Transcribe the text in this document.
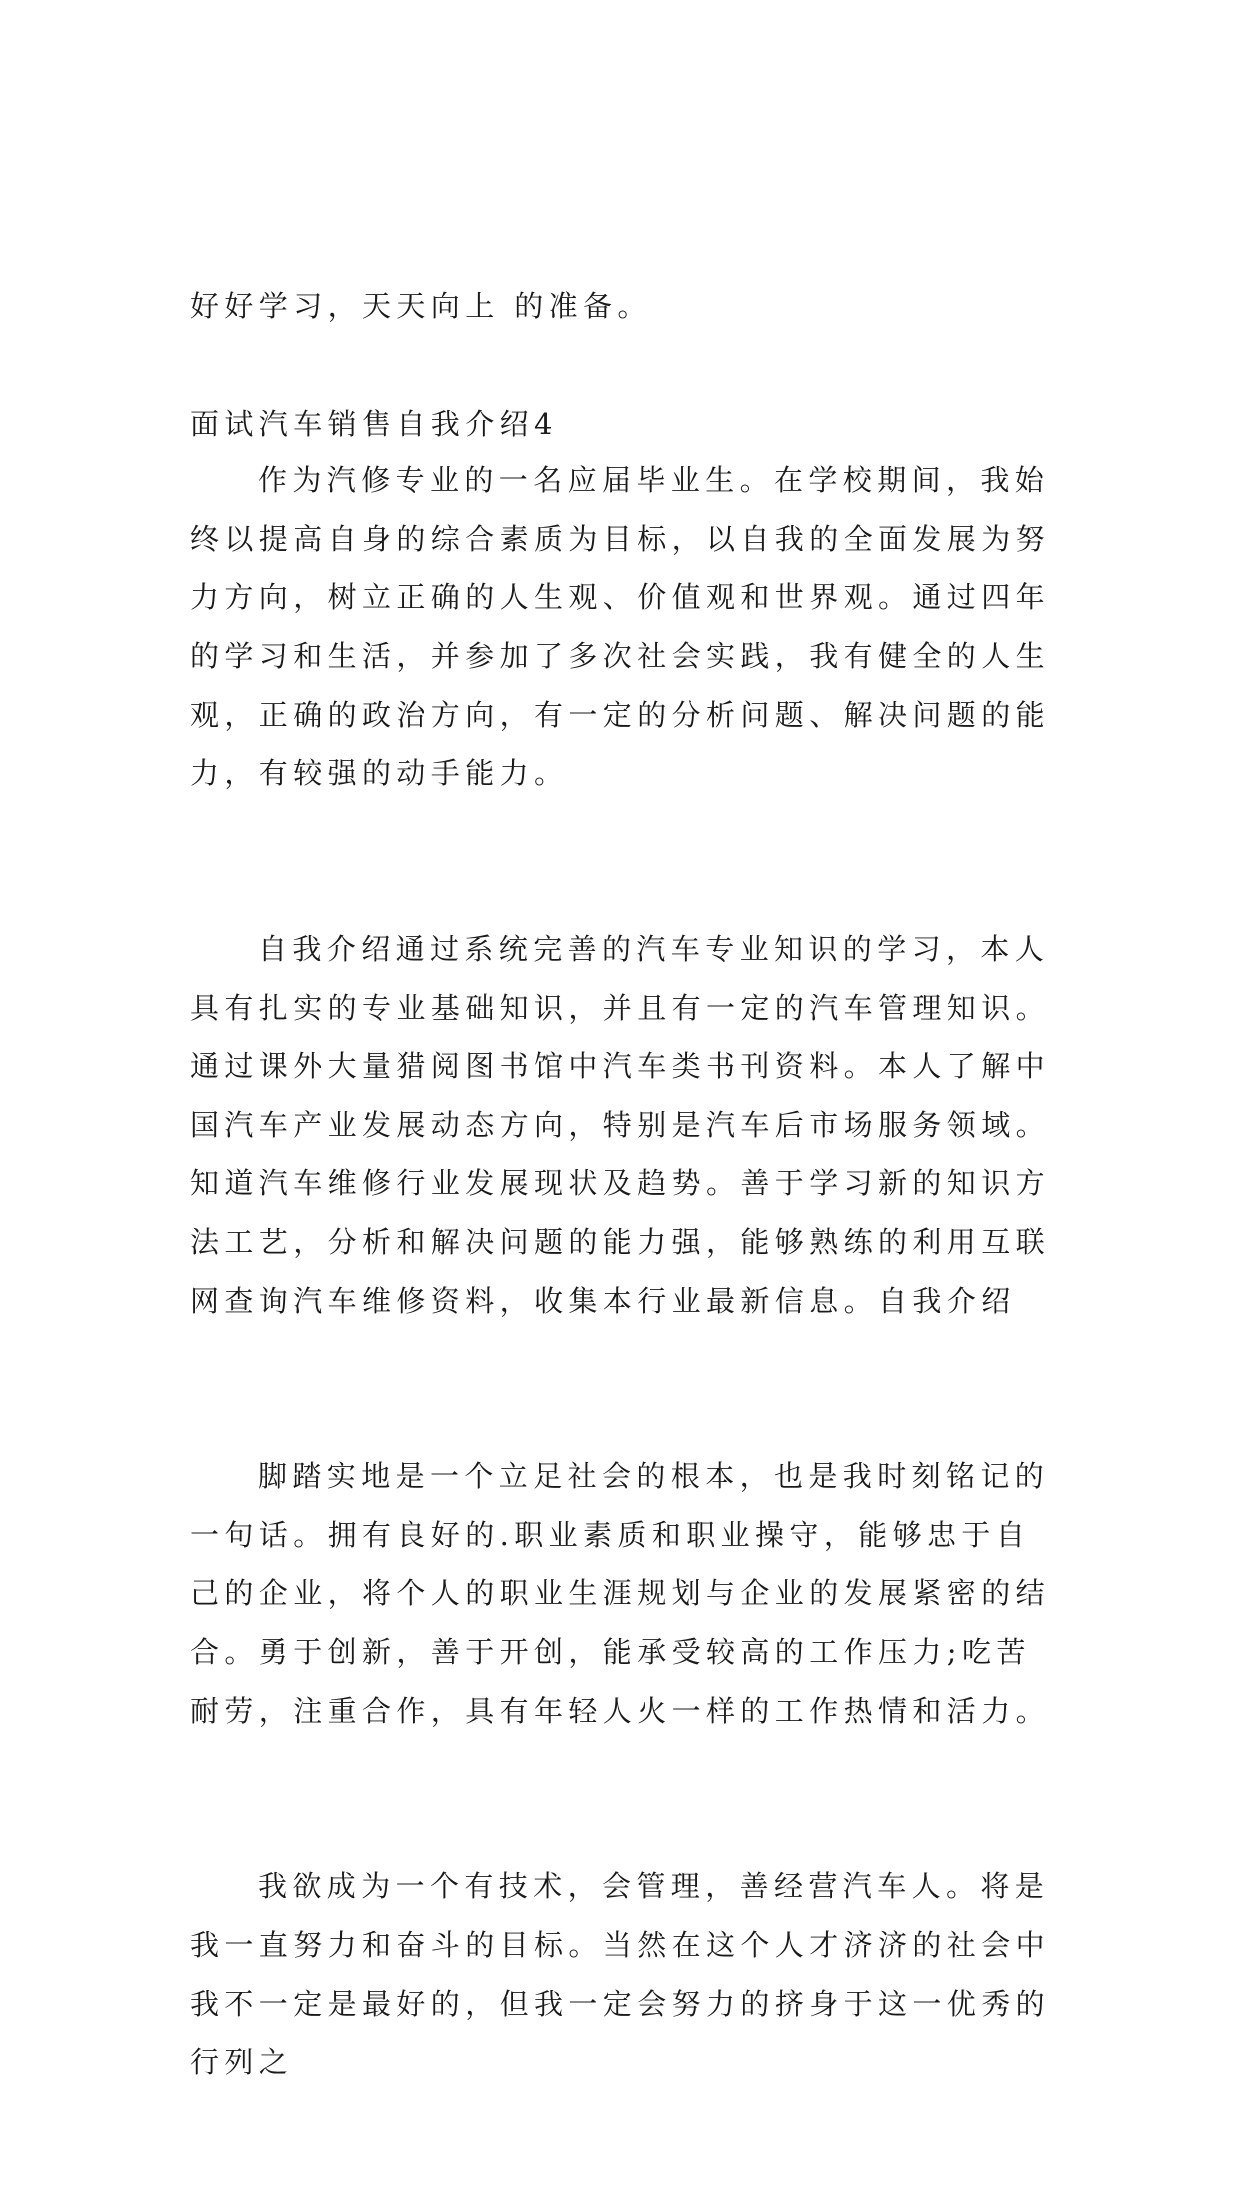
好好学习，天天向上 的准备。

面试汽车销售自我介绍4

作为汽修专业的一名应届毕业生。在学校期间，我始终以提高自身的综合素质为目标，以自我的全面发展为努力方向，树立正确的人生观、价值观和世界观。通过四年的学习和生活，并参加了多次社会实践，我有健全的人生观，正确的政治方向，有一定的分析问题、解决问题的能力，有较强的动手能力。

自我介绍通过系统完善的汽车专业知识的学习，本人具有扎实的专业基础知识，并且有一定的汽车管理知识。通过课外大量猎阅图书馆中汽车类书刊资料。本人了解中国汽车产业发展动态方向，特别是汽车后市场服务领域。知道汽车维修行业发展现状及趋势。善于学习新的知识方法工艺，分析和解决问题的能力强，能够熟练的利用互联网查询汽车维修资料，收集本行业最新信息。自我介绍

脚踏实地是一个立足社会的根本，也是我时刻铭记的一句话。拥有良好的.职业素质和职业操守，能够忠于自己的企业，将个人的职业生涯规划与企业的发展紧密的结合。勇于创新，善于开创，能承受较高的工作压力;吃苦耐劳，注重合作，具有年轻人火一样的工作热情和活力。

我欲成为一个有技术，会管理，善经营汽车人。将是我一直努力和奋斗的目标。当然在这个人才济济的社会中我不一定是最好的，但我一定会努力的挤身于这一优秀的行列之
